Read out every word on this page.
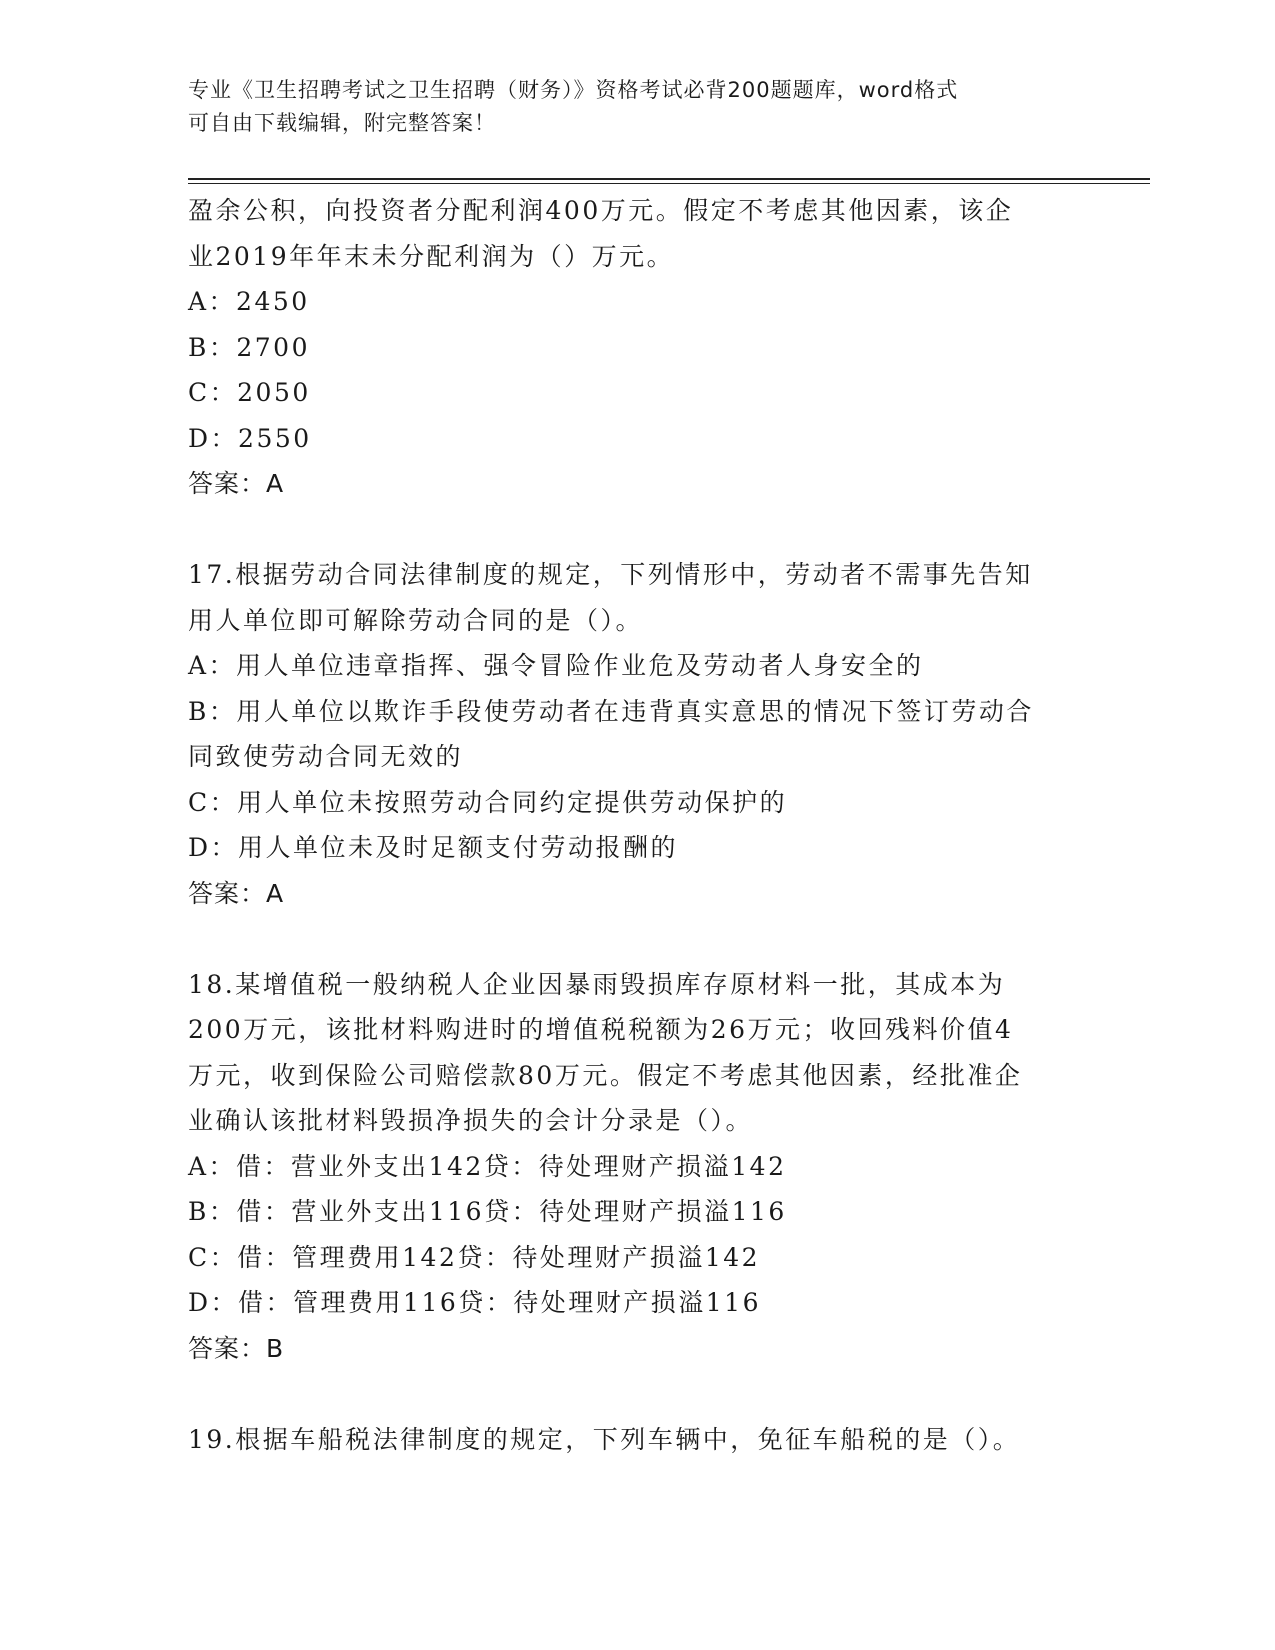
专业《卫生招聘考试之卫生招聘（财务）》资格考试必背200题题库，word格式
可自由下载编辑，附完整答案！
盈余公积，向投资者分配利润400万元。假定不考虑其他因素，该企
业2019年年末未分配利润为（）万元。
A：2450
B：2700
C：2050
D：2550
答案：A
17.根据劳动合同法律制度的规定，下列情形中，劳动者不需事先告知
用人单位即可解除劳动合同的是（）。
A：用人单位违章指挥、强令冒险作业危及劳动者人身安全的
B：用人单位以欺诈手段使劳动者在违背真实意思的情况下签订劳动合
同致使劳动合同无效的
C：用人单位未按照劳动合同约定提供劳动保护的
D：用人单位未及时足额支付劳动报酬的
答案：A
18.某增值税一般纳税人企业因暴雨毁损库存原材料一批，其成本为
200万元，该批材料购进时的增值税税额为26万元；收回残料价值4
万元，收到保险公司赔偿款80万元。假定不考虑其他因素，经批准企
业确认该批材料毁损净损失的会计分录是（）。
A：借：营业外支出142贷：待处理财产损溢142
B：借：营业外支出116贷：待处理财产损溢116
C：借：管理费用142贷：待处理财产损溢142
D：借：管理费用116贷：待处理财产损溢116
答案：B
19.根据车船税法律制度的规定，下列车辆中，免征车船税的是（）。
